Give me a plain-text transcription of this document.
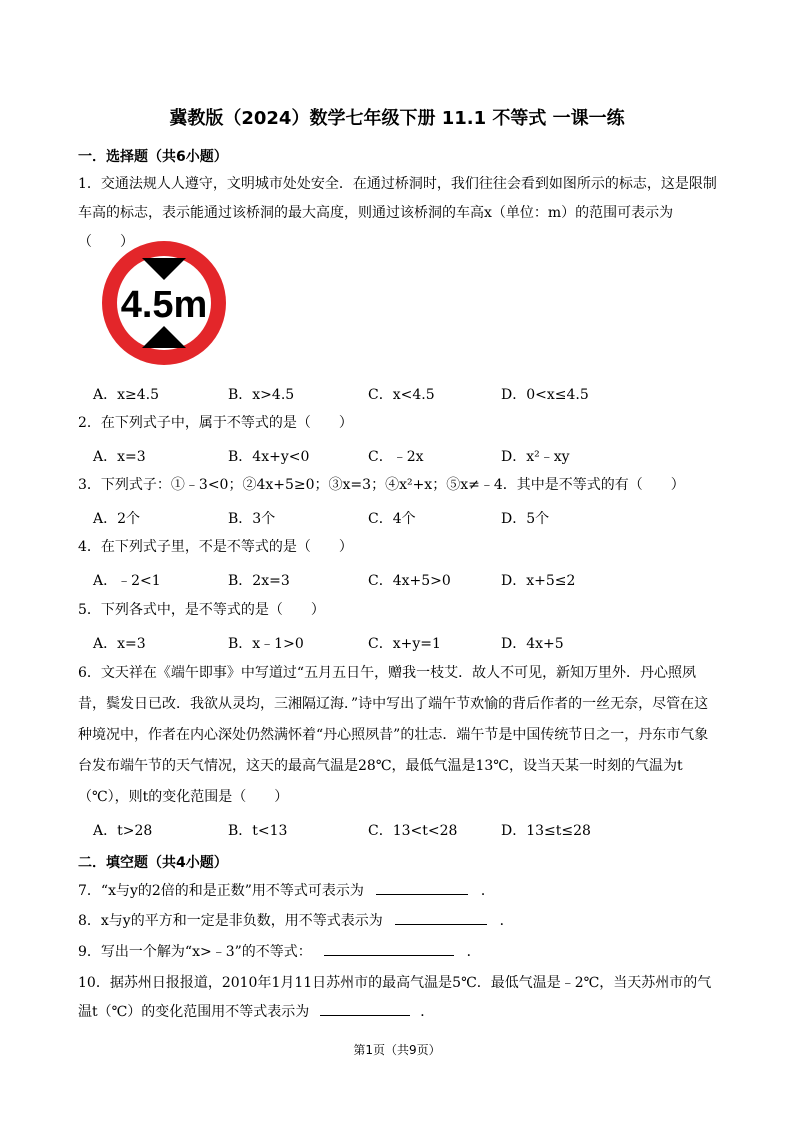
冀教版（2024）数学七年级下册 11.1 不等式 一课一练
一．选择题（共6小题）
1．交通法规人人遵守，文明城市处处安全．在通过桥洞时，我们往往会看到如图所示的标志，这是限制车高的标志，表示能通过该桥洞的最大高度，则通过该桥洞的车高x（单位：m）的范围可表示为（　　）
4.5m
A．x≥4.5	B．x>4.5	C．x<4.5	D．0<x≤4.5
2．在下列式子中，属于不等式的是（　　）
A．x=3	B．4x+y<0	C．﹣2x	D．x²﹣xy
3．下列式子：①﹣3<0；②4x+5≥0；③x=3；④x²+x；⑤x≠﹣4．其中是不等式的有（　　）
A．2个	B．3个	C．4个	D．5个
4．在下列式子里，不是不等式的是（　　）
A．﹣2<1	B．2x=3	C．4x+5>0	D．x+5≤2
5．下列各式中，是不等式的是（　　）
A．x=3	B．x﹣1>0	C．x+y=1	D．4x+5
6．文天祥在《端午即事》中写道过“五月五日午，赠我一枝艾．故人不可见，新知万里外．丹心照夙昔，鬓发日已改．我欲从灵均，三湘隔辽海．”诗中写出了端午节欢愉的背后作者的一丝无奈，尽管在这种境况中，作者在内心深处仍然满怀着“丹心照夙昔”的壮志．端午节是中国传统节日之一，丹东市气象台发布端午节的天气情况，这天的最高气温是28℃，最低气温是13℃，设当天某一时刻的气温为t（℃），则t的变化范围是（　　）
A．t>28	B．t<13	C．13<t<28	D．13≤t≤28
二．填空题（共4小题）
7．“x与y的2倍的和是正数”用不等式可表示为	．
8．x与y的平方和一定是非负数，用不等式表示为	．
9．写出一个解为“x>﹣3”的不等式：	．
10．据苏州日报报道，2010年1月11日苏州市的最高气温是5℃．最低气温是﹣2℃，当天苏州市的气温t（℃）的变化范围用不等式表示为	．
第1页（共9页）
